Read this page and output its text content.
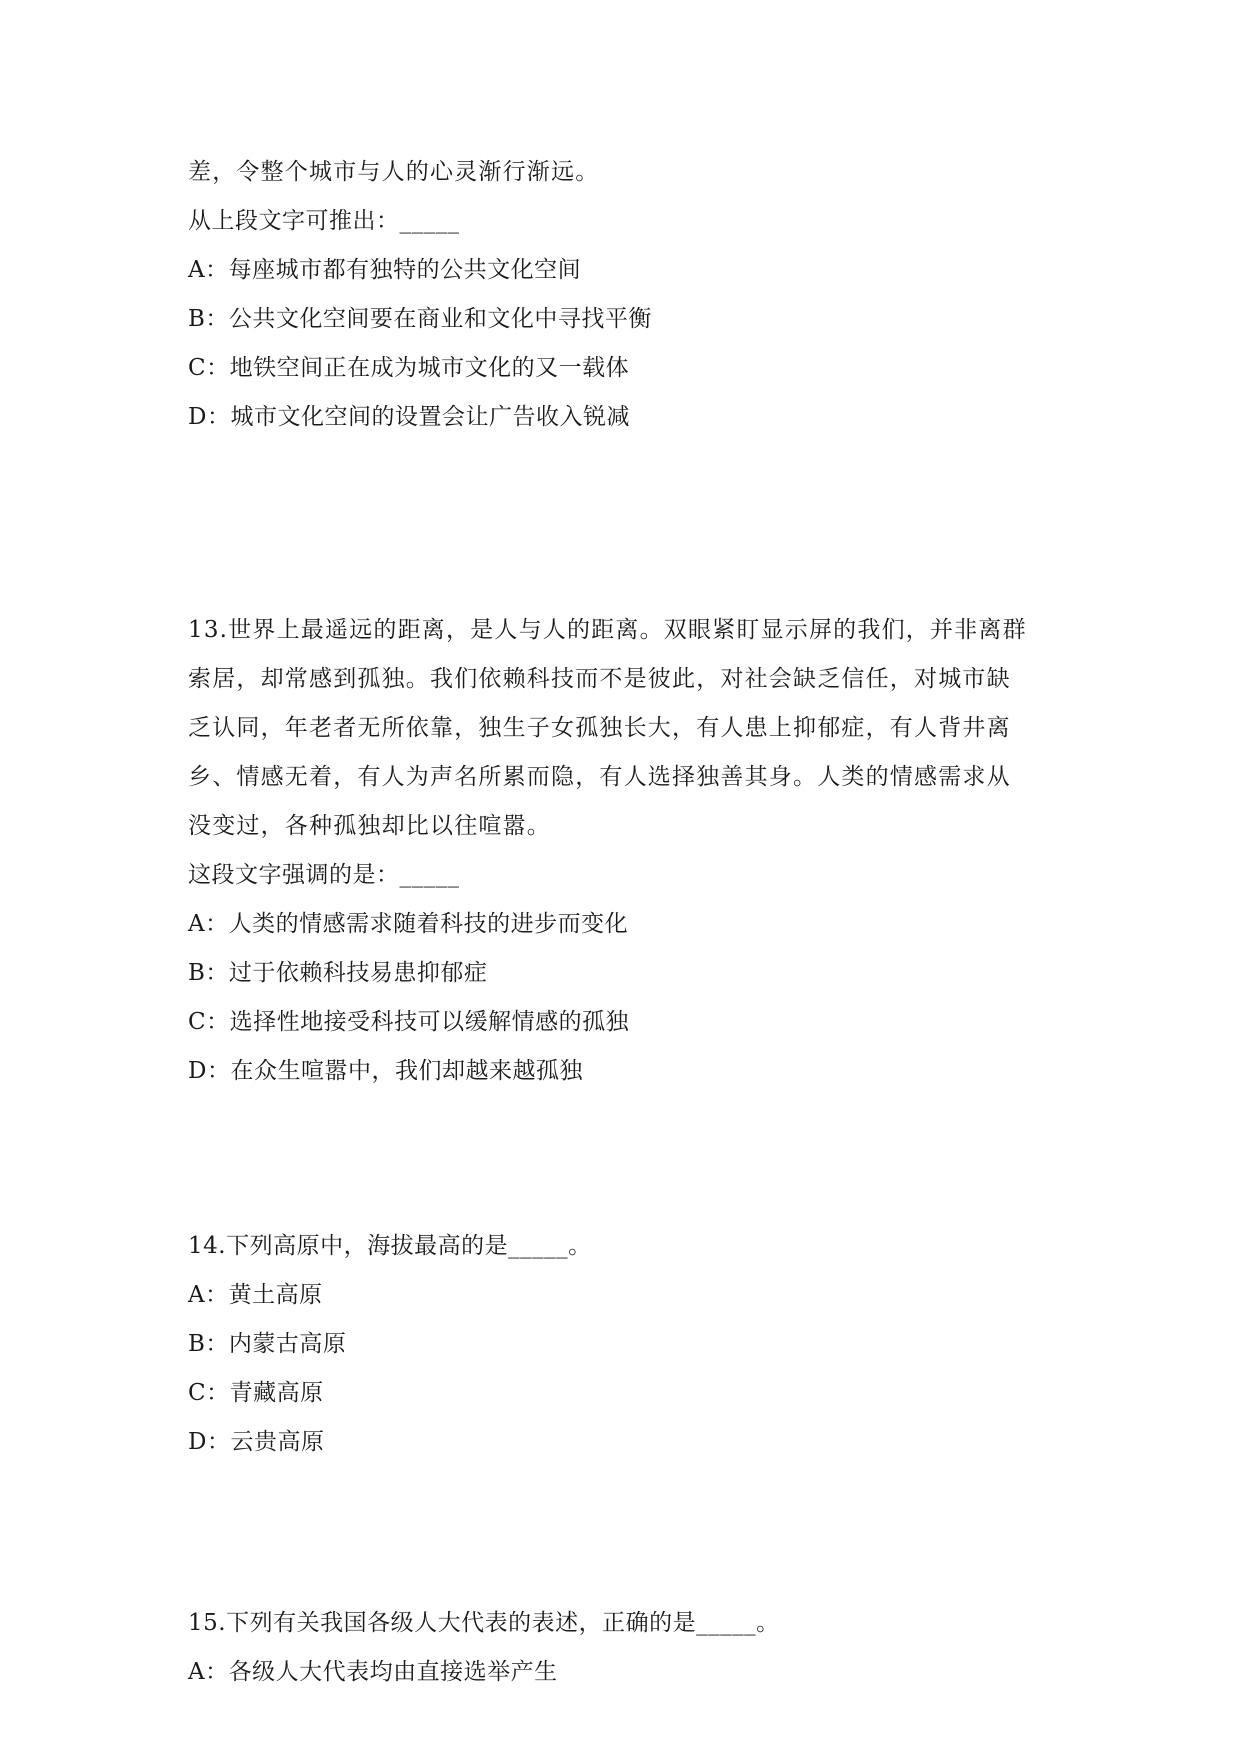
差，令整个城市与人的心灵渐行渐远。
从上段文字可推出：_____
A：每座城市都有独特的公共文化空间
B：公共文化空间要在商业和文化中寻找平衡
C：地铁空间正在成为城市文化的又一载体
D：城市文化空间的设置会让广告收入锐减
13.世界上最遥远的距离，是人与人的距离。双眼紧盯显示屏的我们，并非离群
索居，却常感到孤独。我们依赖科技而不是彼此，对社会缺乏信任，对城市缺
乏认同，年老者无所依靠，独生子女孤独长大，有人患上抑郁症，有人背井离
乡、情感无着，有人为声名所累而隐，有人选择独善其身。人类的情感需求从
没变过，各种孤独却比以往喧嚣。
这段文字强调的是：_____
A：人类的情感需求随着科技的进步而变化
B：过于依赖科技易患抑郁症
C：选择性地接受科技可以缓解情感的孤独
D：在众生喧嚣中，我们却越来越孤独
14.下列高原中，海拔最高的是_____。
A：黄土高原
B：内蒙古高原
C：青藏高原
D：云贵高原
15.下列有关我国各级人大代表的表述，正确的是_____。
A：各级人大代表均由直接选举产生
